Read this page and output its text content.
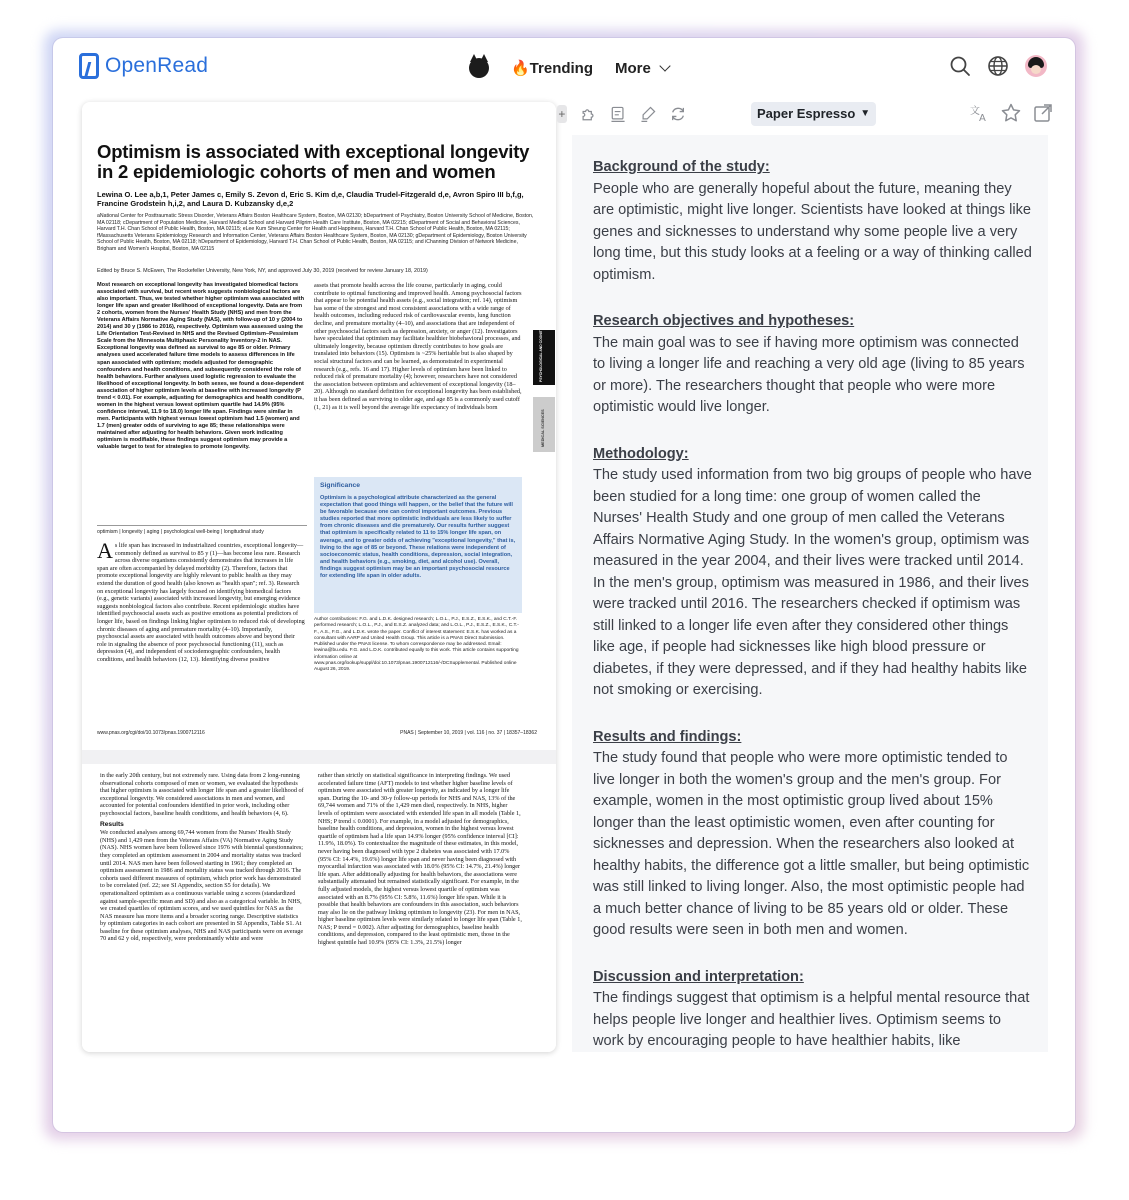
OpenRead	🔥Trending More
Optimism is associated with exceptional longevity in 2 epidemiologic cohorts of men and women
Lewina O. Lee a,b,1, Peter James c, Emily S. Zevon d, Eric S. Kim d,e, Claudia Trudel-Fitzgerald d,e, Avron Spiro III b,f,g, Francine Grodstein h,i,2, and Laura D. Kubzansky d,e,2
aNational Center for Posttraumatic Stress Disorder, Veterans Affairs Boston Healthcare System, Boston, MA 02130; bDepartment of Psychiatry, Boston University School of Medicine, Boston, MA 02118; cDepartment of Population Medicine, Harvard Medical School and Harvard Pilgrim Health Care Institute, Boston, MA 02215; dDepartment of Social and Behavioral Sciences, Harvard T.H. Chan School of Public Health, Boston, MA 02115; eLee Kum Sheung Center for Health and Happiness, Harvard T.H. Chan School of Public Health, Boston, MA 02115; fMassachusetts Veterans Epidemiology Research and Information Center, Veterans Affairs Boston Healthcare System, Boston, MA 02130; gDepartment of Epidemiology, Boston University School of Public Health, Boston, MA 02118; hDepartment of Epidemiology, Harvard T.H. Chan School of Public Health, Boston, MA 02115; and iChanning Division of Network Medicine, Brigham and Women's Hospital, Boston, MA 02115
Edited by Bruce S. McEwen, The Rockefeller University, New York, NY, and approved July 30, 2019 (received for review January 18, 2019)
Most research on exceptional longevity has investigated biomedical factors associated with survival, but recent work suggests nonbiological factors are also important. Thus, we tested whether higher optimism was associated with longer life span and greater likelihood of exceptional longevity. Data are from 2 cohorts, women from the Nurses' Health Study (NHS) and men from the Veterans Affairs Normative Aging Study (NAS), with follow-up of 10 y (2004 to 2014) and 30 y (1986 to 2016), respectively. Optimism was assessed using the Life Orientation Test-Revised in NHS and the Revised Optimism–Pessimism Scale from the Minnesota Multiphasic Personality Inventory-2 in NAS. Exceptional longevity was defined as survival to age 85 or older. Primary analyses used accelerated failure time models to assess differences in life span associated with optimism; models adjusted for demographic confounders and health conditions, and subsequently considered the role of health behaviors. Further analyses used logistic regression to evaluate the likelihood of exceptional longevity. In both sexes, we found a dose-dependent association of higher optimism levels at baseline with increased longevity (P trend < 0.01). For example, adjusting for demographics and health conditions, women in the highest versus lowest optimism quartile had 14.9% (95% confidence interval, 11.9 to 18.0) longer life span. Findings were similar in men. Participants with highest versus lowest optimism had 1.5 (women) and 1.7 (men) greater odds of surviving to age 85; these relationships were maintained after adjusting for health behaviors. Given work indicating optimism is modifiable, these findings suggest optimism may provide a valuable target to test for strategies to promote longevity.
optimism | longevity | aging | psychological well-being | longitudinal study
As life span has increased in industrialized countries, exceptional longevity—commonly defined as survival to 85 y (1)—has become less rare. Research across diverse organisms consistently demonstrates that increases in life span are often accompanied by delayed morbidity (2). Therefore, factors that promote exceptional longevity are highly relevant to public health as they may extend the duration of good health (also known as "health span"; ref. 3). Research on exceptional longevity has largely focused on identifying biomedical factors (e.g., genetic variants) associated with increased longevity, but emerging evidence suggests nonbiological factors also contribute. Recent epidemiologic studies have identified psychosocial assets such as positive emotions as potential predictors of longer life, based on findings linking higher optimism to reduced risk of developing chronic diseases of aging and premature mortality (4–10). Importantly, psychosocial assets are associated with health outcomes above and beyond their role in signaling the absence of poor psychosocial functioning (11), such as depression (4), and independent of sociodemographic confounders, health conditions, and health behaviors (12, 13). Identifying diverse positive
assets that promote health across the life course, particularly in aging, could contribute to optimal functioning and improved health. Among psychosocial factors that appear to be potential health assets (e.g., social integration; ref. 14), optimism has some of the strongest and most consistent associations with a wide range of health outcomes, including reduced risk of cardiovascular events, lung function decline, and premature mortality (4–10), and associations that are independent of other psychosocial factors such as depression, anxiety, or anger (12). Investigators have speculated that optimism may facilitate healthier biobehavioral processes, and ultimately longevity, because optimism directly contributes to how goals are translated into behaviors (15). Optimism is ~25% heritable but is also shaped by social structural factors and can be learned, as demonstrated in experimental research (e.g., refs. 16 and 17). Higher levels of optimism have been linked to reduced risk of premature mortality (4); however, researchers have not considered the association between optimism and achievement of exceptional longevity (18–20). Although no standard definition for exceptional longevity has been established, it has been defined as surviving to older age, and age 85 is a commonly used cutoff (1, 21) as it is well beyond the average life expectancy of individuals born
PSYCHOLOGICAL AND COGNITIVE SCIENCES
MEDICAL SCIENCES
Significance
Optimism is a psychological attribute characterized as the general expectation that good things will happen, or the belief that the future will be favorable because one can control important outcomes. Previous studies reported that more optimistic individuals are less likely to suffer from chronic diseases and die prematurely. Our results further suggest that optimism is specifically related to 11 to 15% longer life span, on average, and to greater odds of achieving "exceptional longevity," that is, living to the age of 85 or beyond. These relations were independent of socioeconomic status, health conditions, depression, social integration, and health behaviors (e.g., smoking, diet, and alcohol use). Overall, findings suggest optimism may be an important psychosocial resource for extending life span in older adults.
Author contributions: F.G. and L.D.K. designed research; L.O.L., P.J., E.S.Z., E.S.K., and C.T.-F. performed research; L.O.L., P.J., and E.S.Z. analyzed data; and L.O.L., P.J., E.S.Z., E.S.K., C.T.-F., A.S., F.G., and L.D.K. wrote the paper. Conflict of interest statement: E.S.K. has worked as a consultant with AARP and United Health Group. This article is a PNAS Direct Submission. Published under the PNAS license. To whom correspondence may be addressed. Email: lewina@bu.edu. F.G. and L.D.K. contributed equally to this work. This article contains supporting information online at www.pnas.org/lookup/suppl/doi:10.1073/pnas.1900712116/-/DCSupplemental. Published online August 26, 2019.
www.pnas.org/cgi/doi/10.1073/pnas.1900712116	PNAS | September 10, 2019 | vol. 116 | no. 37 | 18357–18362
in the early 20th century, but not extremely rare. Using data from 2 long-running observational cohorts composed of men or women, we evaluated the hypothesis that higher optimism is associated with longer life span and a greater likelihood of exceptional longevity. We considered associations in men and women, and accounted for potential confounders identified in prior work, including other psychosocial factors, baseline health conditions, and health behaviors (4, 6).
Results
We conducted analyses among 69,744 women from the Nurses' Health Study (NHS) and 1,429 men from the Veterans Affairs (VA) Normative Aging Study (NAS). NHS women have been followed since 1976 with biennial questionnaires; they completed an optimism assessment in 2004 and mortality status was tracked until 2014. NAS men have been followed starting in 1961; they completed an optimism assessment in 1986 and mortality status was tracked through 2016. The cohorts used different measures of optimism, which prior work has demonstrated to be correlated (ref. 22; see SI Appendix, section S5 for details). We operationalized optimism as a continuous variable using z scores (standardized against sample-specific mean and SD) and also as a categorical variable. In NHS, we created quartiles of optimism scores, and we used quintiles for NAS as the NAS measure has more items and a broader scoring range. Descriptive statistics by optimism categories in each cohort are presented in SI Appendix, Table S1. At baseline for these optimism analyses, NHS and NAS participants were on average 70 and 62 y old, respectively, were predominantly white and were
rather than strictly on statistical significance in interpreting findings. We used accelerated failure time (AFT) models to test whether higher baseline levels of optimism were associated with greater longevity, as indicated by a longer life span. During the 10- and 30-y follow-up periods for NHS and NAS, 13% of the 69,744 women and 71% of the 1,429 men died, respectively. In NHS, higher levels of optimism were associated with extended life span in all models (Table 1, NHS; P trend ≤ 0.0001). For example, in a model adjusted for demographics, baseline health conditions, and depression, women in the highest versus lowest quartile of optimism had a life span 14.9% longer (95% confidence interval [CI]: 11.9%, 18.0%). To contextualize the magnitude of these estimates, in this model, never having been diagnosed with type 2 diabetes was associated with 17.0% (95% CI: 14.4%, 19.6%) longer life span and never having been diagnosed with myocardial infarction was associated with 18.0% (95% CI: 14.7%, 21.4%) longer life span. After additionally adjusting for health behaviors, the associations were substantially attenuated but remained statistically significant. For example, in the fully adjusted models, the highest versus lowest quartile of optimism was associated with an 8.7% (95% CI: 5.8%, 11.6%) longer life span. While it is possible that health behaviors are confounders in this association, such behaviors may also lie on the pathway linking optimism to longevity (23). For men in NAS, higher baseline optimism levels were similarly related to longer life span (Table 1, NAS; P trend = 0.002). After adjusting for demographics, baseline health conditions, and depression, compared to the least optimistic men, those in the highest quintile had 10.9% (95% CI: 1.3%, 21.5%) longer
+	Paper Espresso ▼	文
A
Background of the study:

People who are generally hopeful about the future, meaning they are optimistic, might live longer. Scientists have looked at things like genes and sicknesses to understand why some people live a very long time, but this study looks at a feeling or a way of thinking called optimism.

Research objectives and hypotheses:

The main goal was to see if having more optimism was connected to living a longer life and reaching a very old age (living to 85 years or more). The researchers thought that people who were more optimistic would live longer.

Methodology:

The study used information from two big groups of people who have been studied for a long time: one group of women called the Nurses' Health Study and one group of men called the Veterans Affairs Normative Aging Study. In the women's group, optimism was measured in the year 2004, and their lives were tracked until 2014. In the men's group, optimism was measured in 1986, and their lives were tracked until 2016. The researchers checked if optimism was still linked to a longer life even after they considered other things like age, if people had sicknesses like high blood pressure or diabetes, if they were depressed, and if they had healthy habits like not smoking or exercising.

Results and findings:

The study found that people who were more optimistic tended to live longer in both the women's group and the men's group. For example, women in the most optimistic group lived about 15% longer than the least optimistic women, even after counting for sicknesses and depression. When the researchers also looked at healthy habits, the difference got a little smaller, but being optimistic was still linked to living longer. Also, the most optimistic people had a much better chance of living to be 85 years old or older. These good results were seen in both men and women.

Discussion and interpretation:

The findings suggest that optimism is a helpful mental resource that helps people live longer and healthier lives. Optimism seems to work by encouraging people to have healthier habits, like
